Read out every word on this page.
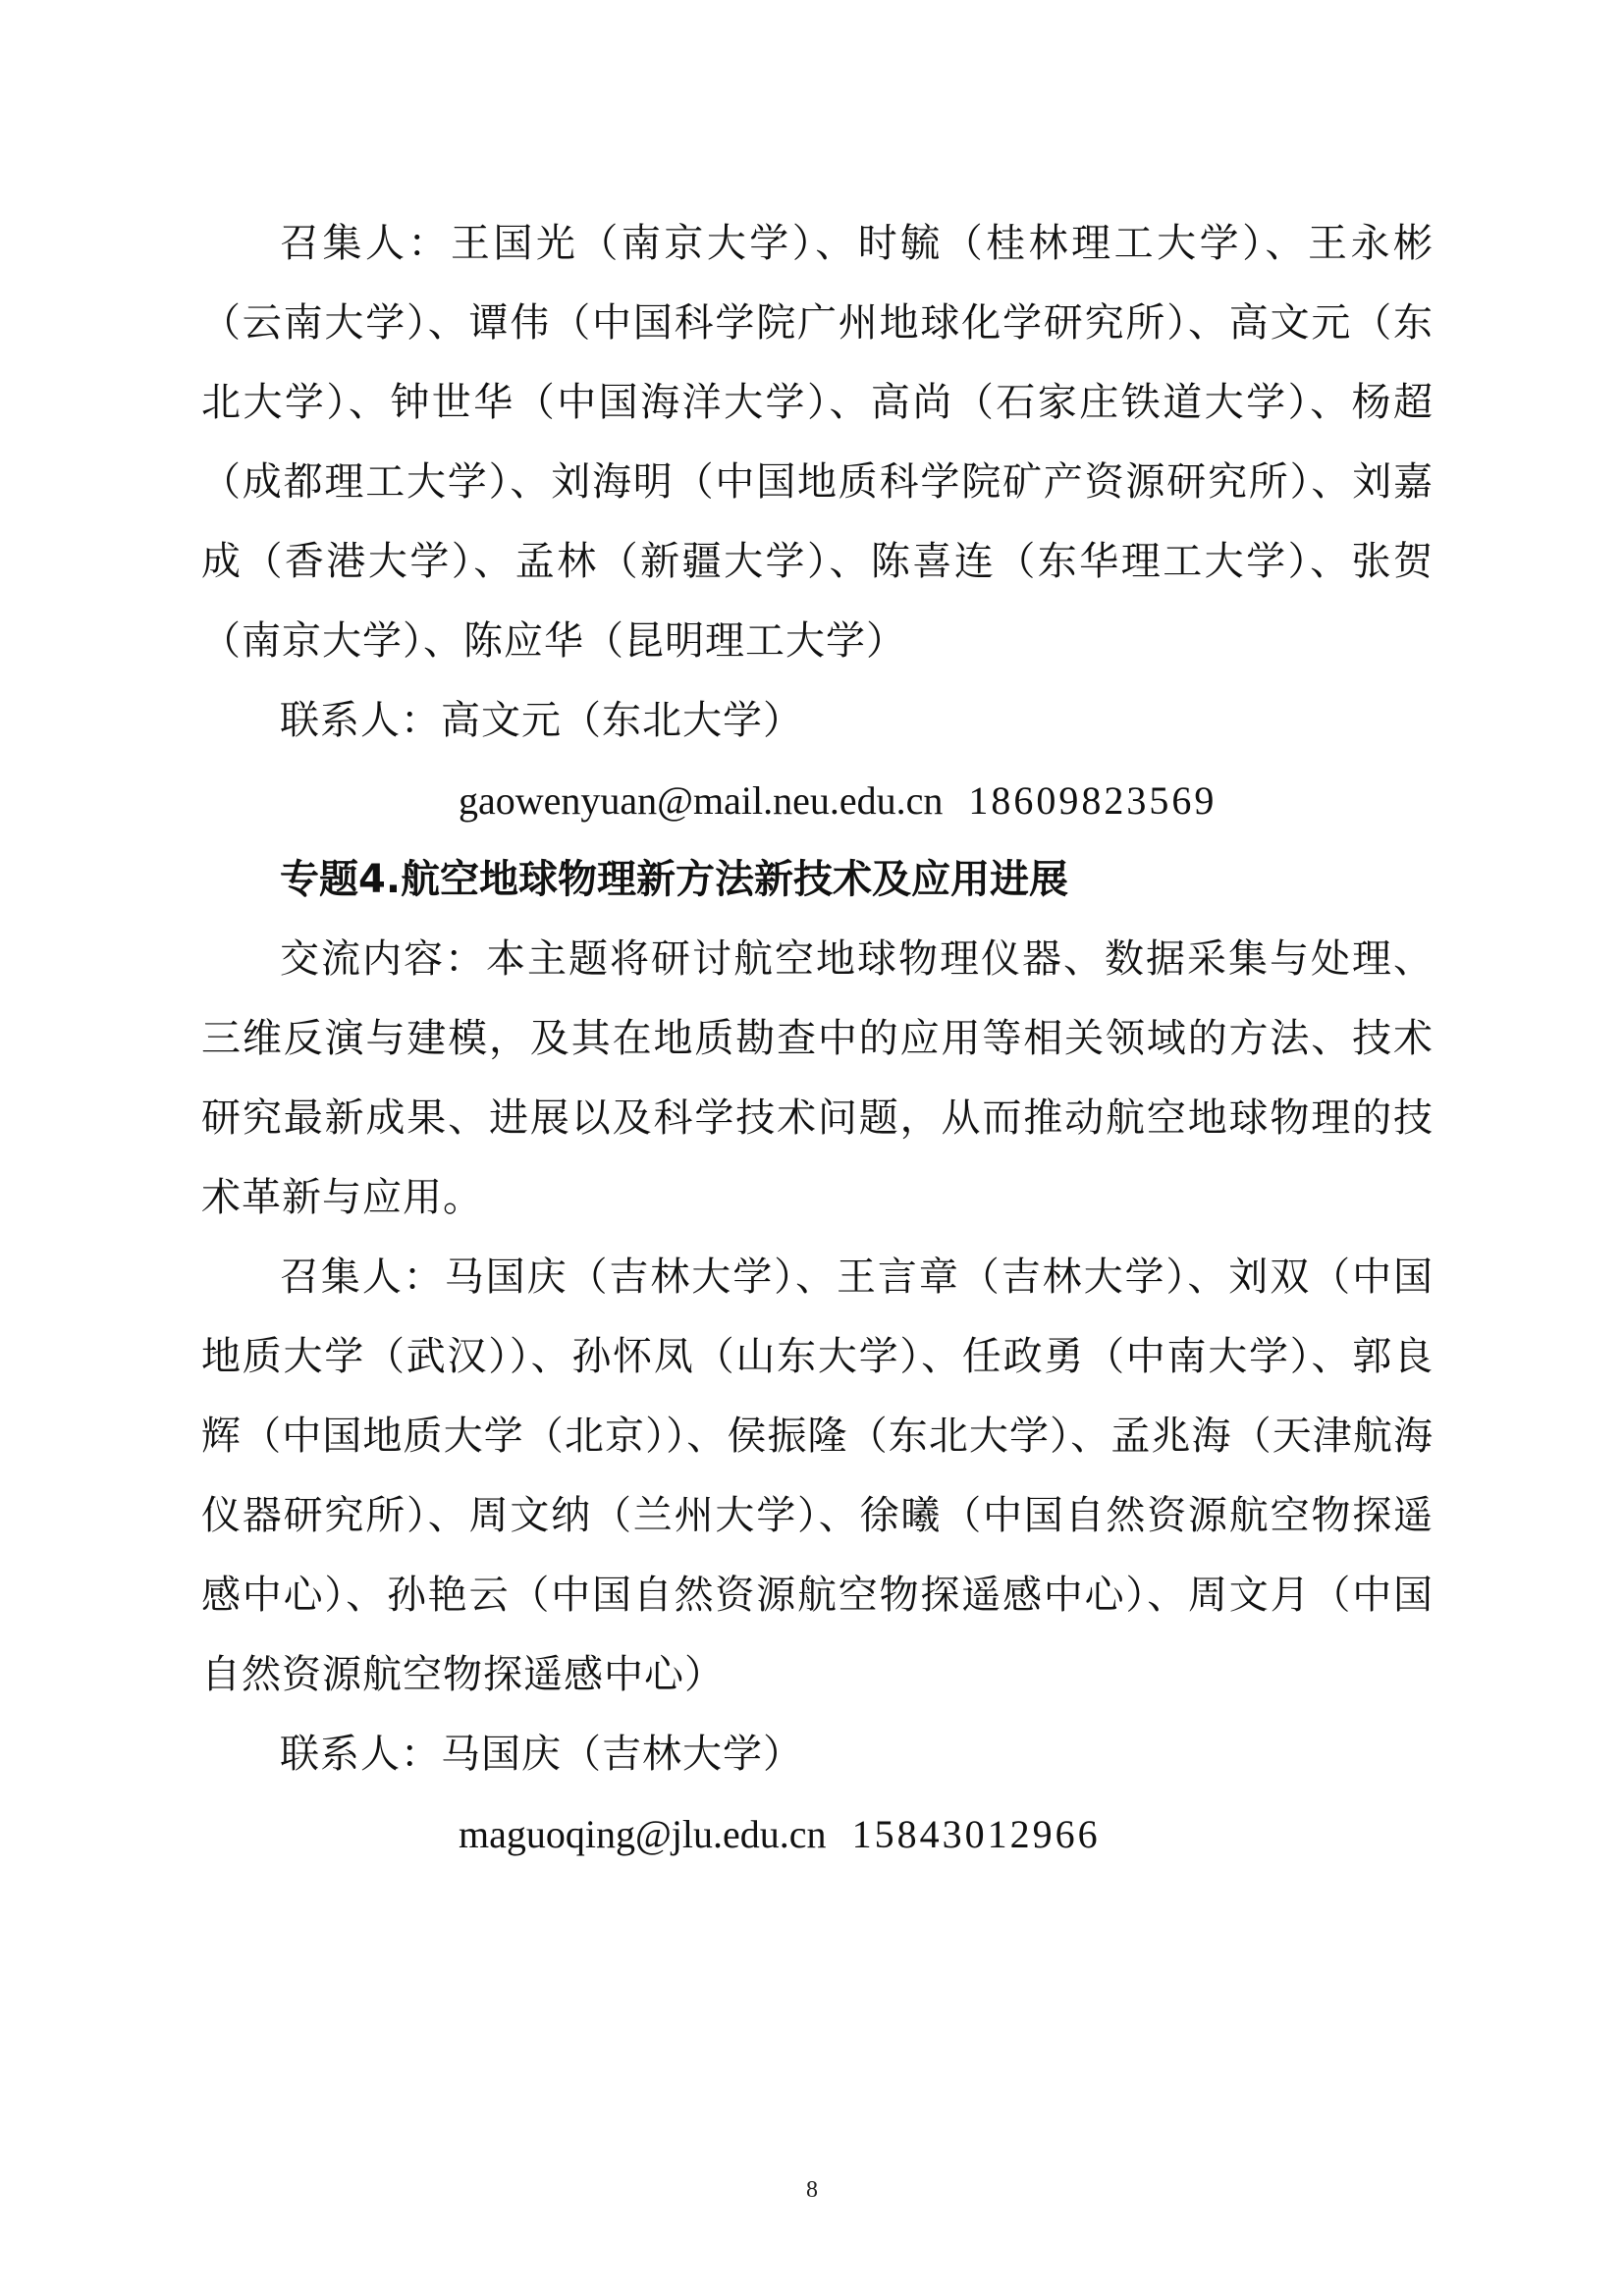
召集人：王国光（南京大学）、时毓（桂林理工大学）、王永彬（云南大学）、谭伟（中国科学院广州地球化学研究所）、高文元（东北大学）、钟世华（中国海洋大学）、高尚（石家庄铁道大学）、杨超（成都理工大学）、刘海明（中国地质科学院矿产资源研究所）、刘嘉成（香港大学）、孟林（新疆大学）、陈喜连（东华理工大学）、张贺（南京大学）、陈应华（昆明理工大学）

联系人：高文元（东北大学）

gaowenyuan@mail.neu.edu.cn 18609823569

专题4.航空地球物理新方法新技术及应用进展

交流内容：本主题将研讨航空地球物理仪器、数据采集与处理、三维反演与建模，及其在地质勘查中的应用等相关领域的方法、技术研究最新成果、进展以及科学技术问题，从而推动航空地球物理的技术革新与应用。

召集人：马国庆（吉林大学）、王言章（吉林大学）、刘双（中国地质大学（武汉））、孙怀凤（山东大学）、任政勇（中南大学）、郭良辉（中国地质大学（北京））、侯振隆（东北大学）、孟兆海（天津航海仪器研究所）、周文纳（兰州大学）、徐曦（中国自然资源航空物探遥感中心）、孙艳云（中国自然资源航空物探遥感中心）、周文月（中国自然资源航空物探遥感中心）

联系人：马国庆（吉林大学）

maguoqing@jlu.edu.cn 15843012966

8
